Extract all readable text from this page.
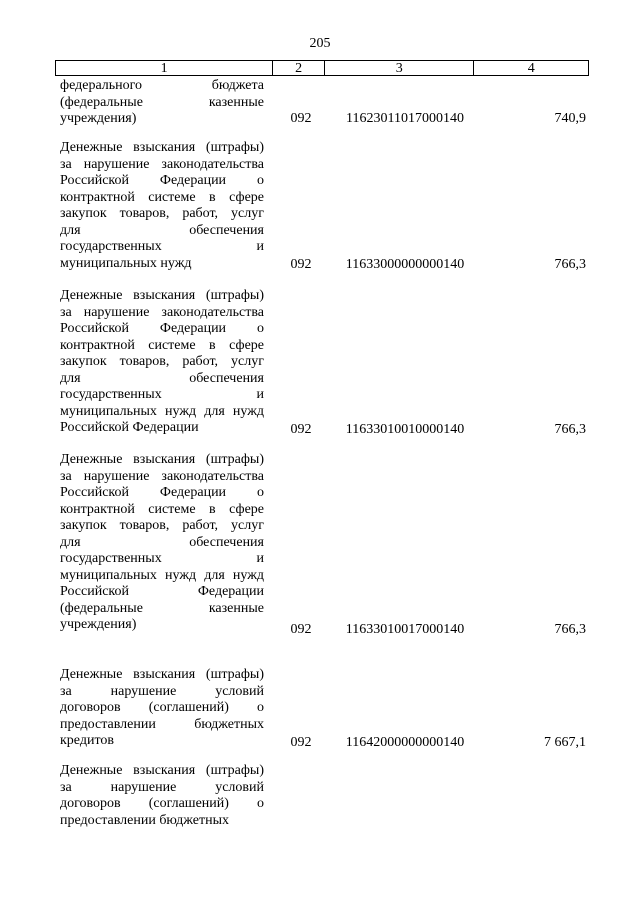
205
1	2	3	4
федерального бюджета
(федеральные казенные
учреждения)	092	11623011017000140	740,9
Денежные взыскания (штрафы)
за нарушение законодательства
Российской Федерации о
контрактной системе в сфере
закупок товаров, работ, услуг
для обеспечения
государственных и
муниципальных нужд	092	11633000000000140	766,3
Денежные взыскания (штрафы)
за нарушение законодательства
Российской Федерации о
контрактной системе в сфере
закупок товаров, работ, услуг
для обеспечения
государственных и
муниципальных нужд для нужд
Российской Федерации	092	11633010010000140	766,3
Денежные взыскания (штрафы)
за нарушение законодательства
Российской Федерации о
контрактной системе в сфере
закупок товаров, работ, услуг
для обеспечения
государственных и
муниципальных нужд для нужд
Российской Федерации
(федеральные казенные
учреждения)	092	11633010017000140	766,3
Денежные взыскания (штрафы)
за нарушение условий
договоров (соглашений) о
предоставлении бюджетных
кредитов	092	11642000000000140	7 667,1
Денежные взыскания (штрафы)
за нарушение условий
договоров (соглашений) о
предоставлении бюджетных
